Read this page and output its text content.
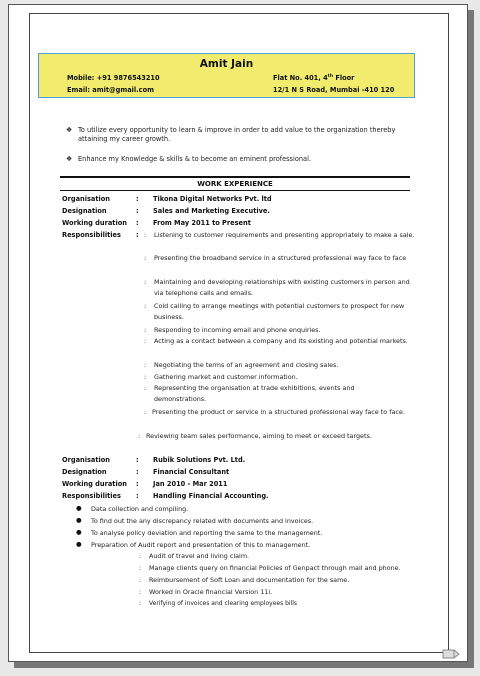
Amit Jain
Mobile: +91 9876543210
Email: amit@gmail.com
Flat No. 401, 4th Floor
12/1 N S Road, Mumbai -410 120
❖ To utilize every opportunity to learn & improve in order to add value to the organization thereby attaining my career growth.
❖ Enhance my Knowledge & skills & to become an eminent professional.
WORK EXPERIENCE
Organisation	: Tikona Digital Networks Pvt. ltd
Designation	: Sales and Marketing Executive.
Working duration : From May 2011 to Present
Responsibilities : : Listening to customer requirements and presenting appropriately to make a sale.
: Presenting the broadband service in a structured professional way face to face
: Maintaining and developing relationships with existing customers in person and via telephone calls and emails.
: Cold calling to arrange meetings with potential customers to prospect for new business.
: Responding to incoming email and phone enquiries.
: Acting as a contact between a company and its existing and potential markets.
: Negotiating the terms of an agreement and closing sales.
: Gathering market and customer information.
: Representing the organisation at trade exhibitions, events and demonstrations.
: Presenting the product or service in a structured professional way face to face.
: Reviewing team sales performance, aiming to meet or exceed targets.
Organisation	: Rubik Solutions Pvt. Ltd.
Designation	: Financial Consultant
Working duration : Jan 2010 - Mar 2011
Responsibilities : Handling Financial Accounting.
● Data collection and compiling.
● To find out the any discrepancy related with documents and invoices.
● To analyse policy deviation and reporting the same to the management.
● Preparation of Audit report and presentation of this to management.
: Audit of travel and living claim.
: Manage clients query on financial Policies of Genpact through mail and phone.
: Reimbursement of Soft Loan and documentation for the same.
: Worked in Oracle financial Version 11i.
: Verifying of invoices and clearing employees bills
